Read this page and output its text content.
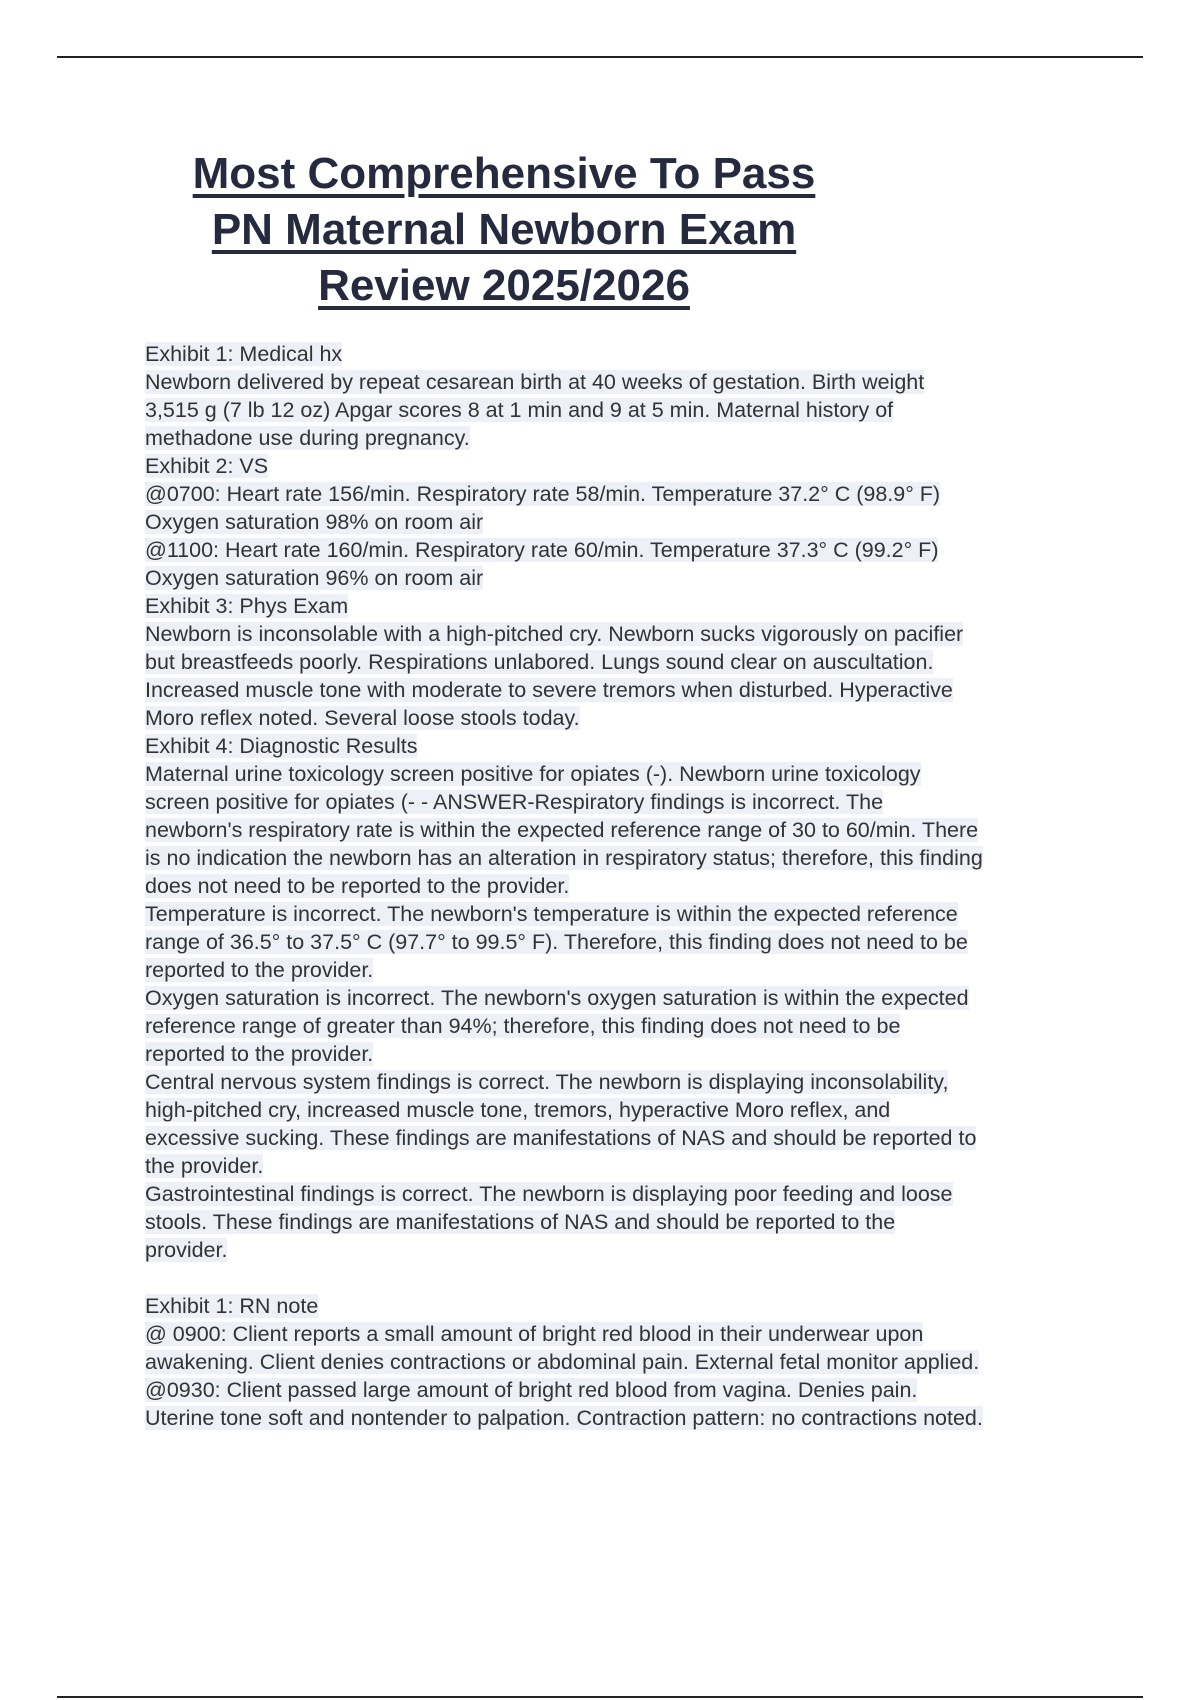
Most Comprehensive To Pass
PN Maternal Newborn Exam
Review 2025/2026
Exhibit 1: Medical hx
Newborn delivered by repeat cesarean birth at 40 weeks of gestation. Birth weight
3,515 g (7 lb 12 oz) Apgar scores 8 at 1 min and 9 at 5 min. Maternal history of
methadone use during pregnancy.
Exhibit 2: VS
@0700: Heart rate 156/min. Respiratory rate 58/min. Temperature 37.2° C (98.9° F)
Oxygen saturation 98% on room air
@1100: Heart rate 160/min. Respiratory rate 60/min. Temperature 37.3° C (99.2° F)
Oxygen saturation 96% on room air
Exhibit 3: Phys Exam
Newborn is inconsolable with a high-pitched cry. Newborn sucks vigorously on pacifier
but breastfeeds poorly. Respirations unlabored. Lungs sound clear on auscultation.
Increased muscle tone with moderate to severe tremors when disturbed. Hyperactive
Moro reflex noted. Several loose stools today.
Exhibit 4: Diagnostic Results
Maternal urine toxicology screen positive for opiates (-). Newborn urine toxicology
screen positive for opiates (- - ANSWER-Respiratory findings is incorrect. The
newborn's respiratory rate is within the expected reference range of 30 to 60/min. There
is no indication the newborn has an alteration in respiratory status; therefore, this finding
does not need to be reported to the provider.
Temperature is incorrect. The newborn's temperature is within the expected reference
range of 36.5° to 37.5° C (97.7° to 99.5° F). Therefore, this finding does not need to be
reported to the provider.
Oxygen saturation is incorrect. The newborn's oxygen saturation is within the expected
reference range of greater than 94%; therefore, this finding does not need to be
reported to the provider.
Central nervous system findings is correct. The newborn is displaying inconsolability,
high-pitched cry, increased muscle tone, tremors, hyperactive Moro reflex, and
excessive sucking. These findings are manifestations of NAS and should be reported to
the provider.
Gastrointestinal findings is correct. The newborn is displaying poor feeding and loose
stools. These findings are manifestations of NAS and should be reported to the
provider.
Exhibit 1: RN note
@ 0900: Client reports a small amount of bright red blood in their underwear upon
awakening. Client denies contractions or abdominal pain. External fetal monitor applied.
@0930: Client passed large amount of bright red blood from vagina. Denies pain.
Uterine tone soft and nontender to palpation. Contraction pattern: no contractions noted.
